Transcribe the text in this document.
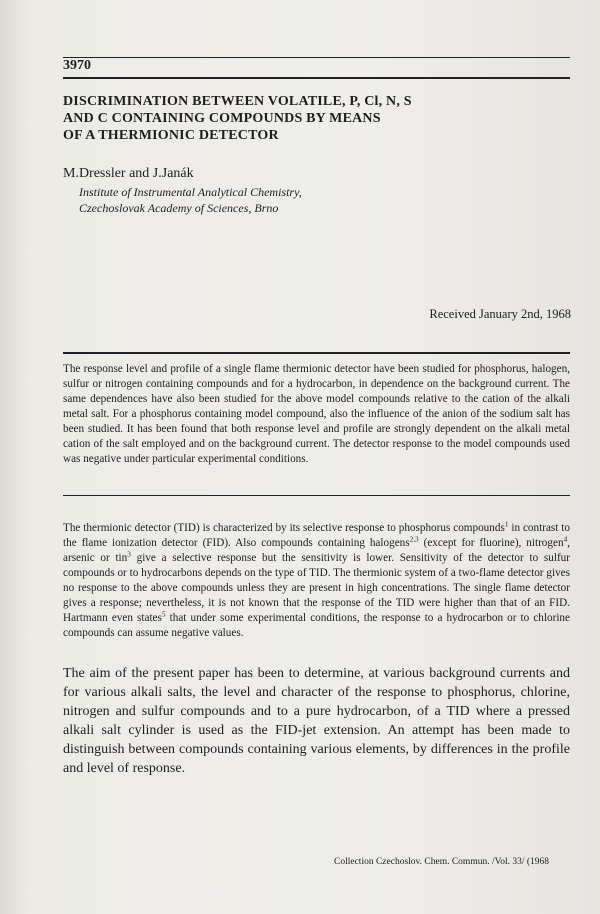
3970
DISCRIMINATION BETWEEN VOLATILE, P, Cl, N, S
AND C CONTAINING COMPOUNDS BY MEANS
OF A THERMIONIC DETECTOR
M.Dressler and J.Janák
Institute of Instrumental Analytical Chemistry,
Czechoslovak Academy of Sciences, Brno
Received January 2nd, 1968
The response level and profile of a single flame thermionic detector have been studied for phosphorus, halogen, sulfur or nitrogen containing compounds and for a hydrocarbon, in dependence on the background current. The same dependences have also been studied for the above model compounds relative to the cation of the alkali metal salt. For a phosphorus containing model compound, also the influence of the anion of the sodium salt has been studied. It has been found that both response level and profile are strongly dependent on the alkali metal cation of the salt employed and on the background current. The detector response to the model compounds used was negative under particular experimental conditions.
The thermionic detector (TID) is characterized by its selective response to phosphorus compounds$^1$ in contrast to the flame ionization detector (FID). Also compounds containing halogens$^{2,3}$ (except for fluorine), nitrogen$^4$, arsenic or tin$^3$ give a selective response but the sensitivity is lower. Sensitivity of the detector to sulfur compounds or to hydrocarbons depends on the type of TID. The thermionic system of a two-flame detector gives no response to the above compounds unless they are present in high concentrations. The single flame detector gives a response; nevertheless, it is not known that the response of the TID were higher than that of an FID. Hartmann even states$^5$ that under some experimental conditions, the response to a hydrocarbon or to chlorine compounds can assume negative values.
The aim of the present paper has been to determine, at various background currents and for various alkali salts, the level and character of the response to phosphorus, chlorine, nitrogen and sulfur compounds and to a pure hydrocarbon, of a TID where a pressed alkali salt cylinder is used as the FID-jet extension. An attempt has been made to distinguish between compounds containing various elements, by differences in the profile and level of response.
Collection Czechoslov. Chem. Commun. /Vol. 33/ (1968
